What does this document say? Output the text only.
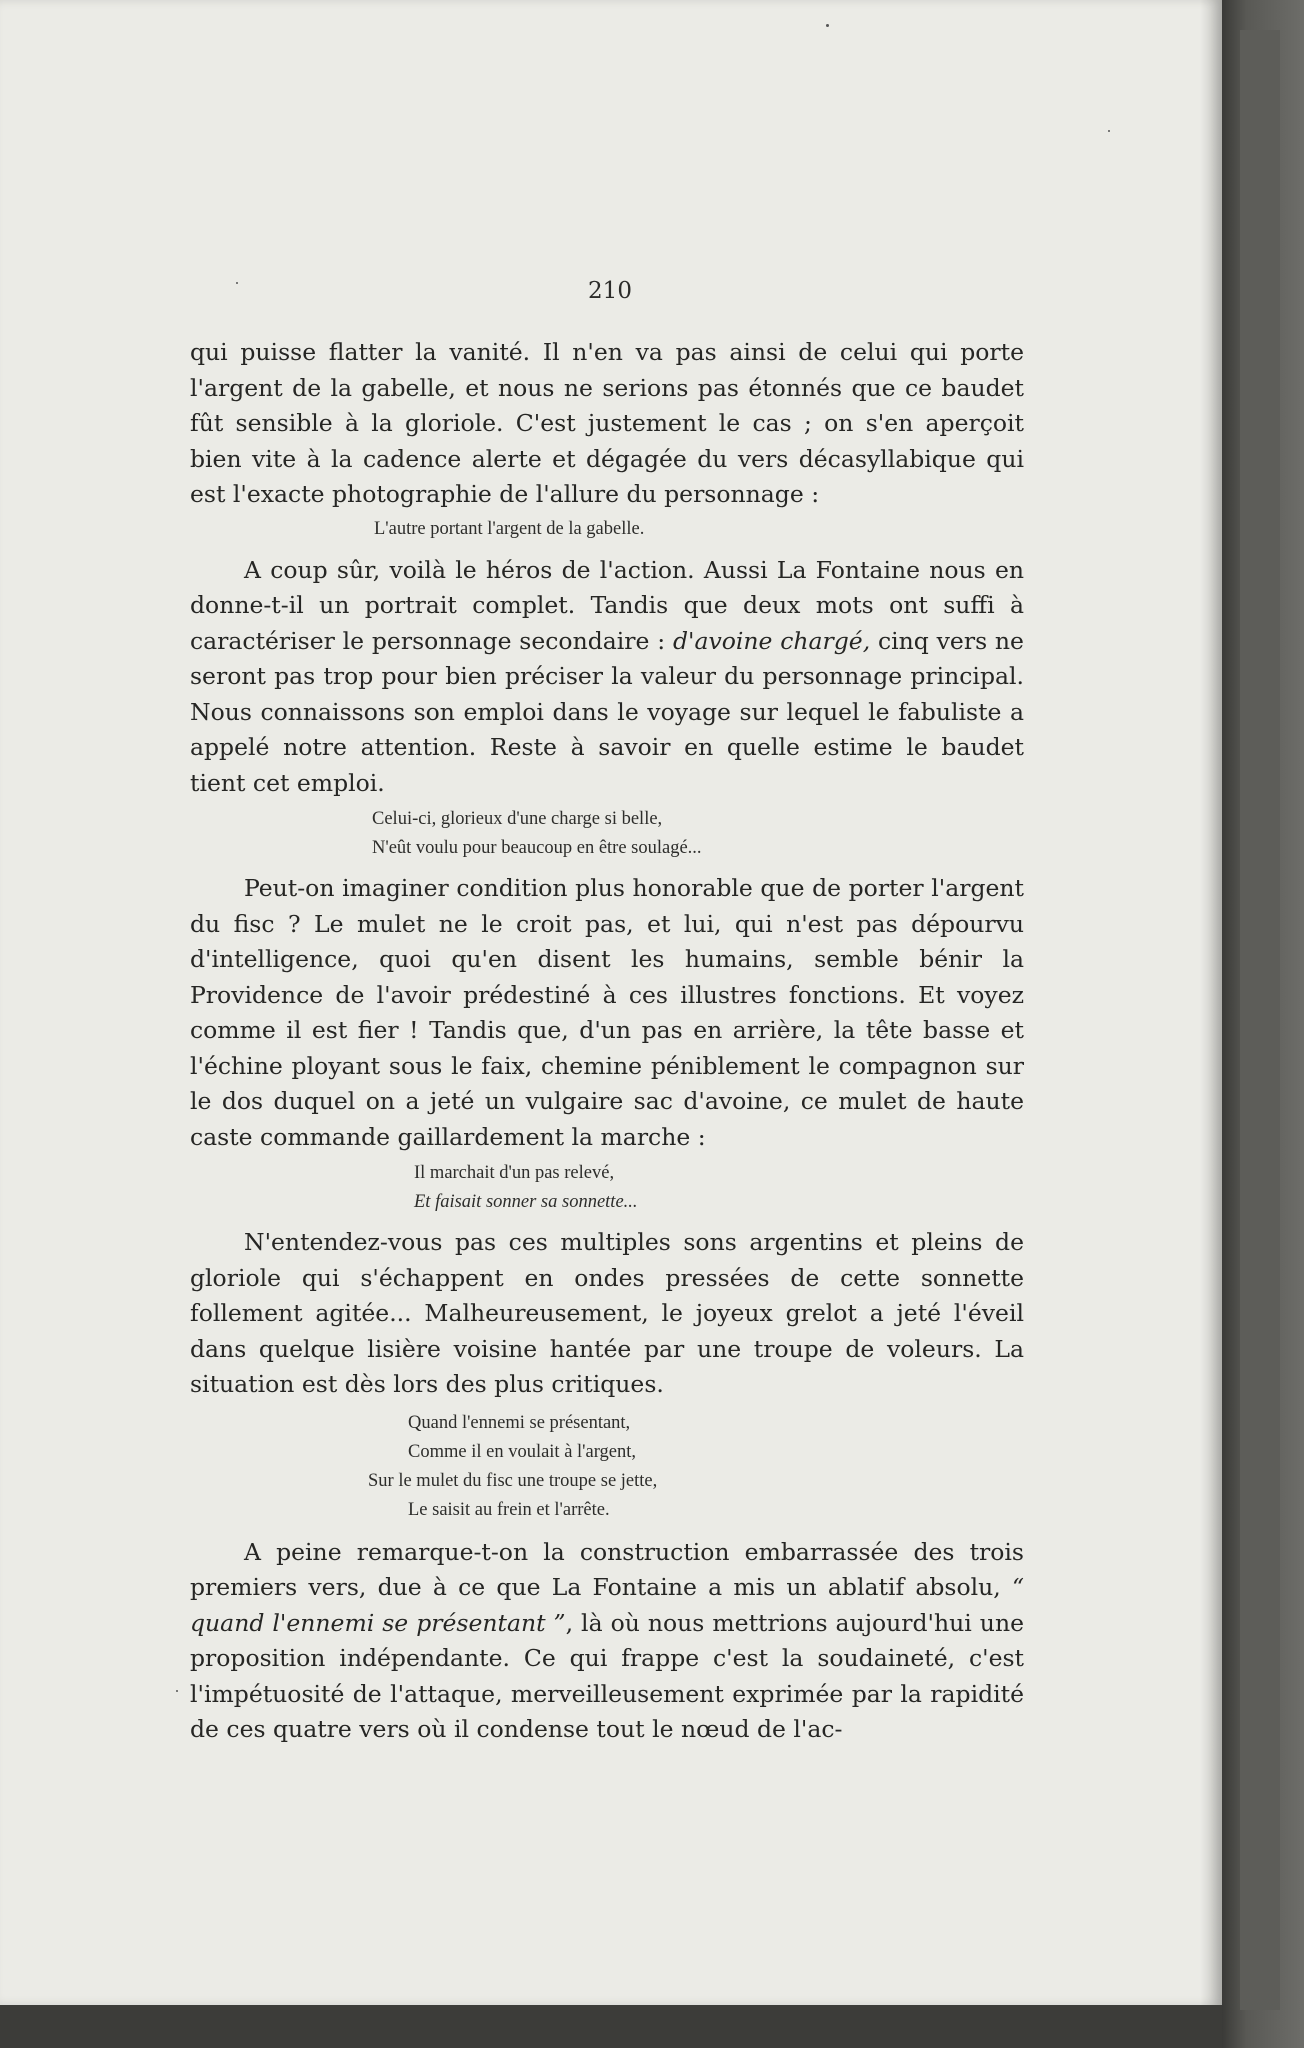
210

qui puisse flatter la vanité. Il n'en va pas ainsi de celui qui porte l'argent de la gabelle, et nous ne serions pas étonnés que ce baudet fût sensible à la gloriole. C'est justement le cas ; on s'en aperçoit bien vite à la cadence alerte et dégagée du vers décasyllabique qui est l'exacte photographie de l'allure du personnage :

L'autre portant l'argent de la gabelle.

A coup sûr, voilà le héros de l'action. Aussi La Fontaine nous en donne-t-il un portrait complet. Tandis que deux mots ont suffi à caractériser le personnage secondaire : d'avoine chargé, cinq vers ne seront pas trop pour bien préciser la valeur du personnage principal. Nous connaissons son emploi dans le voyage sur lequel le fabuliste a appelé notre attention. Reste à savoir en quelle estime le baudet tient cet emploi.

Celui-ci, glorieux d'une charge si belle,
N'eût voulu pour beaucoup en être soulagé...

Peut-on imaginer condition plus honorable que de porter l'argent du fisc ? Le mulet ne le croit pas, et lui, qui n'est pas dépourvu d'intelligence, quoi qu'en disent les humains, semble bénir la Providence de l'avoir prédestiné à ces illustres fonctions. Et voyez comme il est fier ! Tandis que, d'un pas en arrière, la tête basse et l'échine ployant sous le faix, chemine péniblement le compagnon sur le dos duquel on a jeté un vulgaire sac d'avoine, ce mulet de haute caste commande gaillardement la marche :

Il marchait d'un pas relevé,
Et faisait sonner sa sonnette...

N'entendez-vous pas ces multiples sons argentins et pleins de gloriole qui s'échappent en ondes pressées de cette sonnette follement agitée... Malheureusement, le joyeux grelot a jeté l'éveil dans quelque lisière voisine hantée par une troupe de voleurs. La situation est dès lors des plus critiques.

Quand l'ennemi se présentant,
Comme il en voulait à l'argent,
Sur le mulet du fisc une troupe se jette,
Le saisit au frein et l'arrête.

A peine remarque-t-on la construction embarrassée des trois premiers vers, due à ce que La Fontaine a mis un ablatif absolu, “ quand l'ennemi se présentant ”, là où nous mettrions aujourd'hui une proposition indépendante. Ce qui frappe c'est la soudaineté, c'est l'impétuosité de l'attaque, merveilleusement exprimée par la rapidité de ces quatre vers où il condense tout le nœud de l'ac-
